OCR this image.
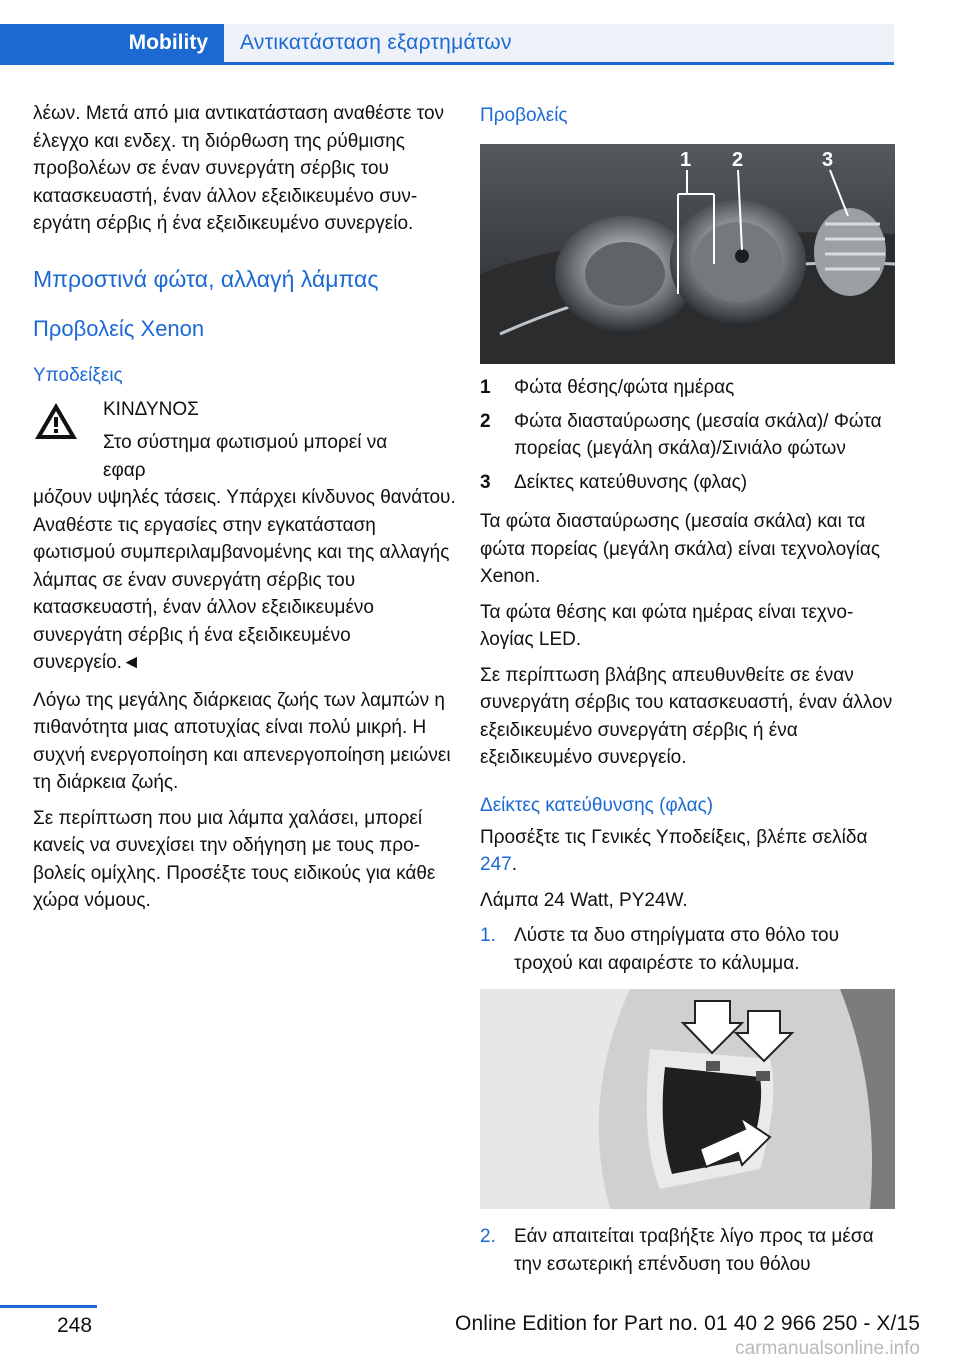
Mobility Αντικατάσταση εξαρτημάτων

λέων. Μετά από μια αντικατάσταση αναθέστε τον έλεγχο και ενδεχ. τη διόρθωση της ρύθμισης προβολέων σε έναν συνεργάτη σέρβις του κατασκευαστή, έναν άλλον εξειδικευμένο συνεργάτη σέρβις ή ένα εξειδικευμένο συνεργείο.

Μπροστινά φώτα, αλλαγή λάμπας
Προβολείς Xenon
Υποδείξεις
ΚΙΝΔΥΝΟΣ
Στο σύστημα φωτισμού μπορεί να εφαρ
μόζουν υψηλές τάσεις. Υπάρχει κίνδυνος θανάτου. Αναθέστε τις εργασίες στην εγκατάσταση φωτισμού συμπεριλαμβανομένης και της αλλαγής λάμπας σε έναν συνεργάτη σέρβις του κατασκευαστή, έναν άλλον εξειδικευμένο συνεργάτη σέρβις ή ένα εξειδικευμένο συνεργείο.◄

Λόγω της μεγάλης διάρκειας ζωής των λαμπών η πιθανότητα μιας αποτυχίας είναι πολύ μικρή. Η συχνή ενεργοποίηση και απενεργοποίηση μειώνει τη διάρκεια ζωής.

Σε περίπτωση που μια λάμπα χαλάσει, μπορεί κανείς να συνεχίσει την οδήγηση με τους προβολείς ομίχλης. Προσέξτε τους ειδικούς για κάθε χώρα νόμους.

Προβολείς
1 2	3
1	Φώτα θέσης/φώτα ημέρας
2	Φώτα διασταύρωσης (μεσαία σκάλα)/ Φώτα πορείας (μεγάλη σκάλα)/Σινιάλο φώτων
3	Δείκτες κατεύθυνσης (φλας)

Τα φώτα διασταύρωσης (μεσαία σκάλα) και τα φώτα πορείας (μεγάλη σκάλα) είναι τεχνολογίας Xenon.

Τα φώτα θέσης και φώτα ημέρας είναι τεχνολογίας LED.

Σε περίπτωση βλάβης απευθυνθείτε σε έναν συνεργάτη σέρβις του κατασκευαστή, έναν άλλον εξειδικευμένο συνεργάτη σέρβις ή ένα εξειδικευμένο συνεργείο.

Δείκτες κατεύθυνσης (φλας)

Προσέξτε τις Γενικές Υποδείξεις, βλέπε σελίδα 247.

Λάμπα 24 Watt, PY24W.

1. Λύστε τα δυο στηρίγματα στο θόλο του τροχού και αφαιρέστε το κάλυμμα.
2. Εάν απαιτείται τραβήξτε λίγο προς τα μέσα την εσωτερική επένδυση του θόλου
248	Online Edition for Part no. 01 40 2 966 250 - X/15
carmanualsonline.info
